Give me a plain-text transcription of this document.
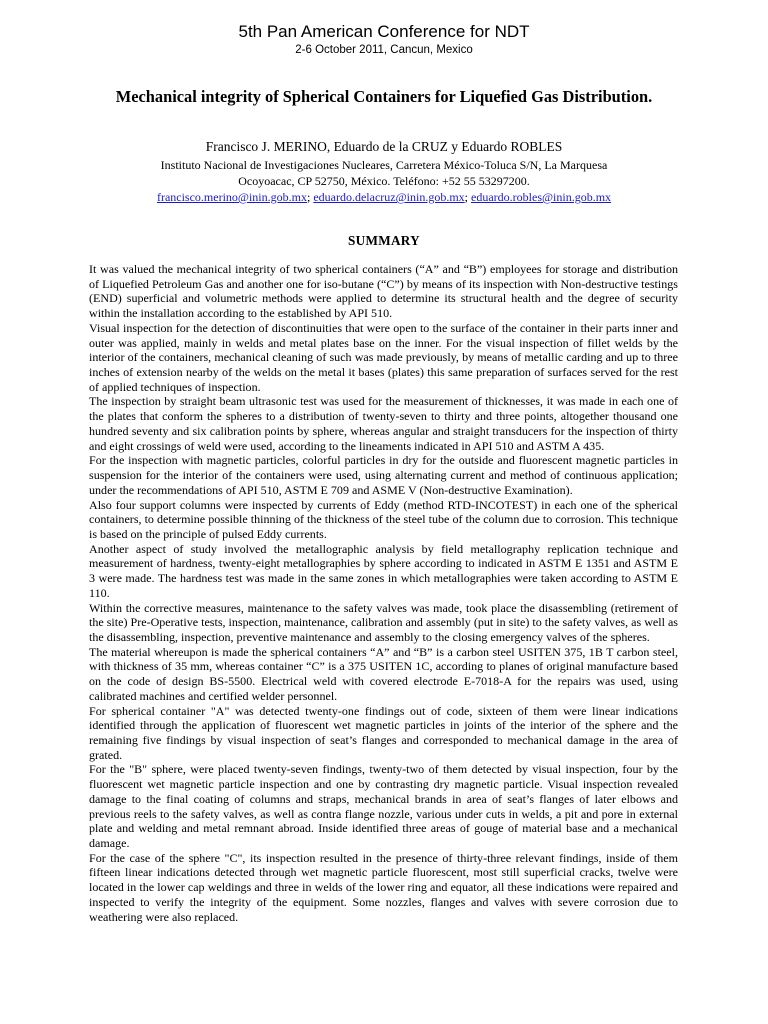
5th Pan American Conference for NDT
2-6 October 2011, Cancun, Mexico
Mechanical integrity of Spherical Containers for Liquefied Gas Distribution.
Francisco J. MERINO, Eduardo de la CRUZ y Eduardo ROBLES
Instituto Nacional de Investigaciones Nucleares, Carretera México-Toluca S/N, La Marquesa
Ocoyoacac, CP 52750, México. Teléfono: +52 55 53297200.
francisco.merino@inin.gob.mx; eduardo.delacruz@inin.gob.mx; eduardo.robles@inin.gob.mx
SUMMARY

It was valued the mechanical integrity of two spherical containers (“A” and “B”) employees for storage and distribution of Liquefied Petroleum Gas and another one for iso-butane (“C”) by means of its inspection with Non-destructive testings (END) superficial and volumetric methods were applied to determine its structural health and the degree of security within the installation according to the established by API 510.

Visual inspection for the detection of discontinuities that were open to the surface of the container in their parts inner and outer was applied, mainly in welds and metal plates base on the inner. For the visual inspection of fillet welds by the interior of the containers, mechanical cleaning of such was made previously, by means of metallic carding and up to three inches of extension nearby of the welds on the metal it bases (plates) this same preparation of surfaces served for the rest of applied techniques of inspection.

The inspection by straight beam ultrasonic test was used for the measurement of thicknesses, it was made in each one of the plates that conform the spheres to a distribution of twenty-seven to thirty and three points, altogether thousand one hundred seventy and six calibration points by sphere, whereas angular and straight transducers for the inspection of thirty and eight crossings of weld were used, according to the lineaments indicated in API 510 and ASTM A 435.

For the inspection with magnetic particles, colorful particles in dry for the outside and fluorescent magnetic particles in suspension for the interior of the containers were used, using alternating current and method of continuous application; under the recommendations of API 510, ASTM E 709 and ASME V (Non-destructive Examination).

Also four support columns were inspected by currents of Eddy (method RTD-INCOTEST) in each one of the spherical containers, to determine possible thinning of the thickness of the steel tube of the column due to corrosion. This technique is based on the principle of pulsed Eddy currents.

Another aspect of study involved the metallographic analysis by field metallography replication technique and measurement of hardness, twenty-eight metallographies by sphere according to indicated in ASTM E 1351 and ASTM E 3 were made. The hardness test was made in the same zones in which metallographies were taken according to ASTM E 110.

Within the corrective measures, maintenance to the safety valves was made, took place the disassembling (retirement of the site) Pre-Operative tests, inspection, maintenance, calibration and assembly (put in site) to the safety valves, as well as the disassembling, inspection, preventive maintenance and assembly to the closing emergency valves of the spheres.

The material whereupon is made the spherical containers “A” and “B” is a carbon steel USITEN 375, 1B T carbon steel, with thickness of 35 mm, whereas container “C” is a 375 USITEN 1C, according to planes of original manufacture based on the code of design BS-5500. Electrical weld with covered electrode E-7018-A for the repairs was used, using calibrated machines and certified welder personnel.

For spherical container "A" was detected twenty-one findings out of code, sixteen of them were linear indications identified through the application of fluorescent wet magnetic particles in joints of the interior of the sphere and the remaining five findings by visual inspection of seat’s flanges and corresponded to mechanical damage in the area of grated.

For the "B" sphere, were placed twenty-seven findings, twenty-two of them detected by visual inspection, four by the fluorescent wet magnetic particle inspection and one by contrasting dry magnetic particle. Visual inspection revealed damage to the final coating of columns and straps, mechanical brands in area of seat’s flanges of later elbows and previous reels to the safety valves, as well as contra flange nozzle, various under cuts in welds, a pit and pore in external plate and welding and metal remnant abroad. Inside identified three areas of gouge of material base and a mechanical damage.

For the case of the sphere "C", its inspection resulted in the presence of thirty-three relevant findings, inside of them fifteen linear indications detected through wet magnetic particle fluorescent, most still superficial cracks, twelve were located in the lower cap weldings and three in welds of the lower ring and equator, all these indications were repaired and inspected to verify the integrity of the equipment. Some nozzles, flanges and valves with severe corrosion due to weathering were also replaced.
